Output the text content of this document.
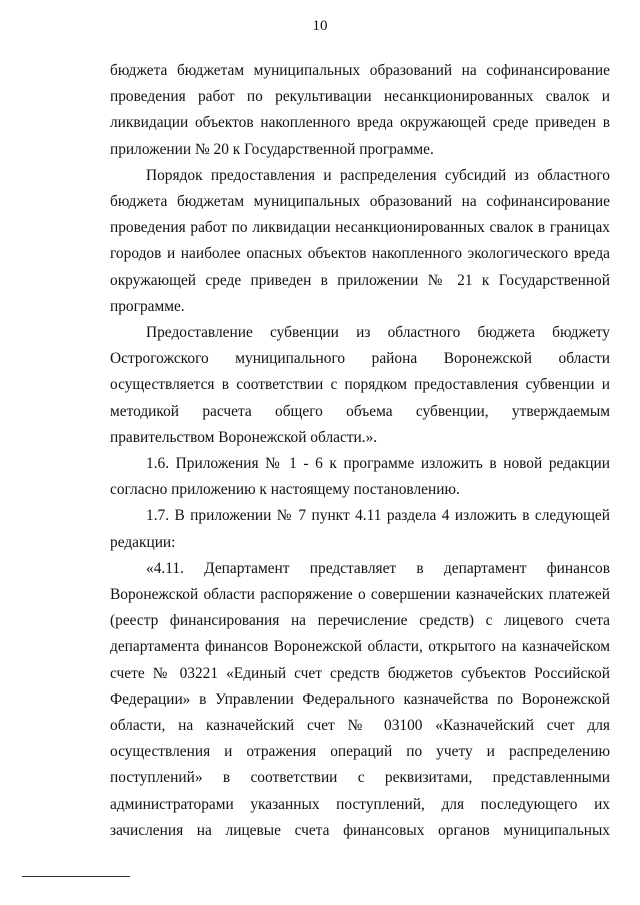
10
бюджета бюджетам муниципальных образований на софинансирование
проведения работ по рекультивации несанкционированных свалок и
ликвидации объектов накопленного вреда окружающей среде приведен в
приложении № 20 к Государственной программе.
Порядок предоставления и распределения субсидий из областного
бюджета бюджетам муниципальных образований на софинансирование
проведения работ по ликвидации несанкционированных свалок в границах
городов и наиболее опасных объектов накопленного экологического вреда
окружающей среде приведен в приложении № 21 к Государственной
программе.
Предоставление субвенции из областного бюджета бюджету
Острогожского муниципального района Воронежской области
осуществляется в соответствии с порядком предоставления субвенции и
методикой расчета общего объема субвенции, утверждаемым
правительством Воронежской области.».
1.6. Приложения № 1 - 6 к программе изложить в новой редакции
согласно приложению к настоящему постановлению.
1.7. В приложении № 7 пункт 4.11 раздела 4 изложить в следующей
редакции:
«4.11. Департамент представляет в департамент финансов
Воронежской области распоряжение о совершении казначейских платежей
(реестр финансирования на перечисление средств) с лицевого счета
департамента финансов Воронежской области, открытого на казначейском
счете № 03221 «Единый счет средств бюджетов субъектов Российской
Федерации» в Управлении Федерального казначейства по Воронежской
области, на казначейский счет № 03100 «Казначейский счет для
осуществления и отражения операций по учету и распределению
поступлений» в соответствии с реквизитами, представленными
администраторами указанных поступлений, для последующего их
зачисления на лицевые счета финансовых органов муниципальных
